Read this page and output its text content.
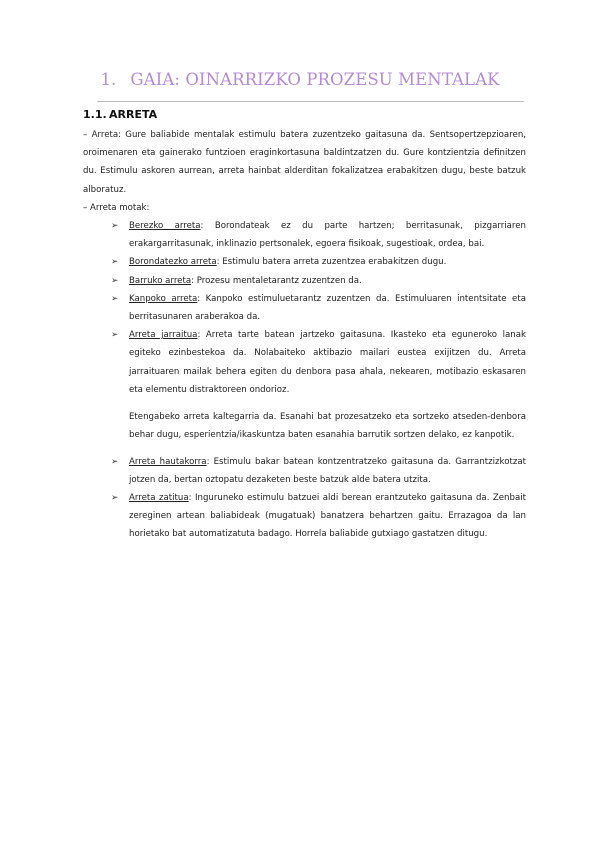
1. GAIA: OINARRIZKO PROZESU MENTALAK
1.1. ARRETA

– Arreta: Gure baliabide mentalak estimulu batera zuzentzeko gaitasuna da. Sentsopertzepzioaren, oroimenaren eta gainerako funtzioen eraginkortasuna baldintzatzen du. Gure kontzientzia definitzen du. Estimulu askoren aurrean, arreta hainbat alderditan fokalizatzea erabakitzen dugu, beste batzuk alboratuz.

– Arreta motak:

➢ Berezko arreta: Borondateak ez du parte hartzen; berritasunak, pizgarriaren erakargarritasunak, inklinazio pertsonalek, egoera fisikoak, sugestioak, ordea, bai.
➢ Borondatezko arreta: Estimulu batera arreta zuzentzea erabakitzen dugu.
➢ Barruko arreta: Prozesu mentaletarantz zuzentzen da.
➢ Kanpoko arreta: Kanpoko estimuluetarantz zuzentzen da. Estimuluaren intentsitate eta berritasunaren araberakoa da.
➢ Arreta jarraitua: Arreta tarte batean jartzeko gaitasuna. Ikasteko eta eguneroko lanak egiteko ezinbestekoa da. Nolabaiteko aktibazio mailari eustea exijitzen du. Arreta jarraituaren mailak behera egiten du denbora pasa ahala, nekearen, motibazio eskasaren eta elementu distraktoreen ondorioz.

Etengabeko arreta kaltegarria da. Esanahi bat prozesatzeko eta sortzeko atseden-denbora behar dugu, esperientzia/ikaskuntza baten esanahia barrutik sortzen delako, ez kanpotik.

➢ Arreta hautakorra: Estimulu bakar batean kontzentratzeko gaitasuna da. Garrantzizkotzat jotzen da, bertan oztopatu dezaketen beste batzuk alde batera utzita.
➢ Arreta zatitua: Inguruneko estimulu batzuei aldi berean erantzuteko gaitasuna da. Zenbait zereginen artean baliabideak (mugatuak) banatzera behartzen gaitu. Errazagoa da lan horietako bat automatizatuta badago. Horrela baliabide gutxiago gastatzen ditugu.
